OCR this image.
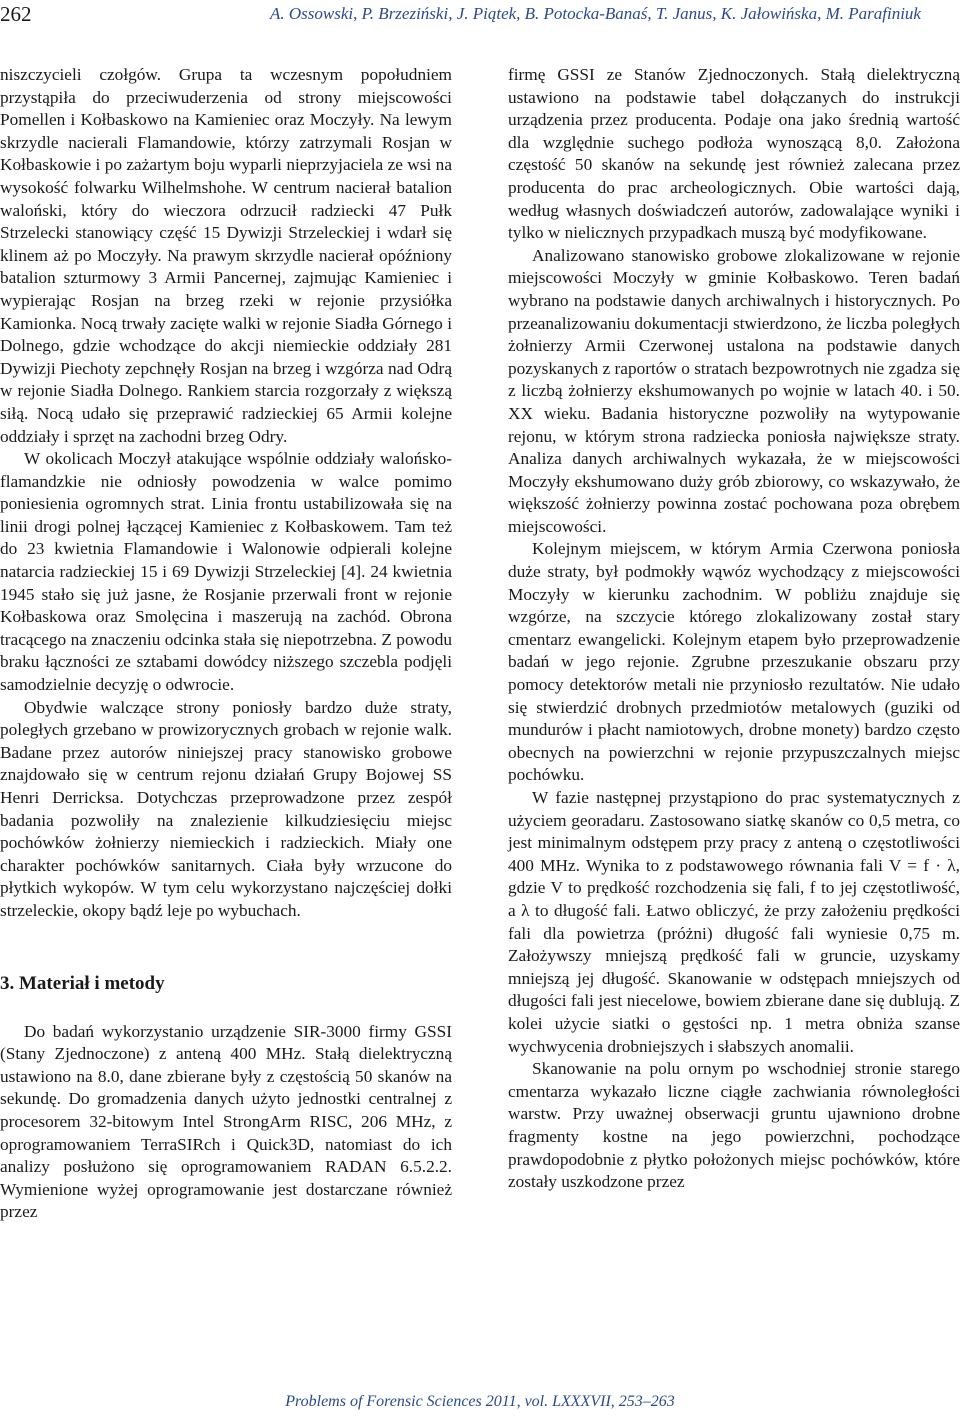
262	A. Ossowski, P. Brzeziński, J. Piątek, B. Potocka-Banaś, T. Janus, K. Jałowińska, M. Parafiniuk

niszczycieli czołgów. Grupa ta wczesnym popołudniem przystąpiła do przeciwuderzenia od strony miejscowości Pomellen i Kołbaskowo na Kamieniec oraz Moczyły. Na lewym skrzydle nacierali Flamandowie, którzy zatrzymali Rosjan w Kołbaskowie i po zażartym boju wyparli nieprzyjaciela ze wsi na wysokość folwarku Wilhelmshohe. W centrum nacierał batalion waloński, który do wieczora odrzucił radziecki 47 Pułk Strzelecki stanowiący część 15 Dywizji Strzeleckiej i wdarł się klinem aż po Moczyły. Na prawym skrzydle nacierał opóźniony batalion szturmowy 3 Armii Pancernej, zajmując Kamieniec i wypierając Rosjan na brzeg rzeki w rejonie przysiółka Kamionka. Nocą trwały zacięte walki w rejonie Siadła Górnego i Dolnego, gdzie wchodzące do akcji niemieckie oddziały 281 Dywizji Piechoty zepchnęły Rosjan na brzeg i wzgórza nad Odrą w rejonie Siadła Dolnego. Rankiem starcia rozgorzały z większą siłą. Nocą udało się przeprawić radzieckiej 65 Armii kolejne oddziały i sprzęt na zachodni brzeg Odry.

W okolicach Moczył atakujące wspólnie oddziały walońsko-flamandzkie nie odniosły powodzenia w walce pomimo poniesienia ogromnych strat. Linia frontu ustabilizowała się na linii drogi polnej łączącej Kamieniec z Kołbaskowem. Tam też do 23 kwietnia Flamandowie i Walonowie odpierali kolejne natarcia radzieckiej 15 i 69 Dywizji Strzeleckiej [4]. 24 kwietnia 1945 stało się już jasne, że Rosjanie przerwali front w rejonie Kołbaskowa oraz Smolęcina i maszerują na zachód. Obrona tracącego na znaczeniu odcinka stała się niepotrzebna. Z powodu braku łączności ze sztabami dowódcy niższego szczebla podjęli samodzielnie decyzję o odwrocie.

Obydwie walczące strony poniosły bardzo duże straty, poległych grzebano w prowizorycznych grobach w rejonie walk. Badane przez autorów niniejszej pracy stanowisko grobowe znajdowało się w centrum rejonu działań Grupy Bojowej SS Henri Derricksa. Dotychczas przeprowadzone przez zespół badania pozwoliły na znalezienie kilkudziesięciu miejsc pochówków żołnierzy niemieckich i radzieckich. Miały one charakter pochówków sanitarnych. Ciała były wrzucone do płytkich wykopów. W tym celu wykorzystano najczęściej dołki strzeleckie, okopy bądź leje po wybuchach.

3. Materiał i metody

Do badań wykorzystanio urządzenie SIR-3000 firmy GSSI (Stany Zjednoczone) z anteną 400 MHz. Stałą dielektryczną ustawiono na 8.0, dane zbierane były z częstością 50 skanów na sekundę. Do gromadzenia danych użyto jednostki centralnej z procesorem 32-bitowym Intel StrongArm RISC, 206 MHz, z oprogramowaniem TerraSIRch i Quick3D, natomiast do ich analizy posłużono się oprogramowaniem RADAN 6.5.2.2. Wymienione wyżej oprogramowanie jest dostarczane również przez

firmę GSSI ze Stanów Zjednoczonych. Stałą dielektryczną ustawiono na podstawie tabel dołączanych do instrukcji urządzenia przez producenta. Podaje ona jako średnią wartość dla względnie suchego podłoża wynoszącą 8,0. Założona częstość 50 skanów na sekundę jest również zalecana przez producenta do prac archeologicznych. Obie wartości dają, według własnych doświadczeń autorów, zadowalające wyniki i tylko w nielicznych przypadkach muszą być modyfikowane.

Analizowano stanowisko grobowe zlokalizowane w rejonie miejscowości Moczyły w gminie Kołbaskowo. Teren badań wybrano na podstawie danych archiwalnych i historycznych. Po przeanalizowaniu dokumentacji stwierdzono, że liczba poległych żołnierzy Armii Czerwonej ustalona na podstawie danych pozyskanych z raportów o stratach bezpowrotnych nie zgadza się z liczbą żołnierzy ekshumowanych po wojnie w latach 40. i 50. XX wieku. Badania historyczne pozwoliły na wytypowanie rejonu, w którym strona radziecka poniosła największe straty. Analiza danych archiwalnych wykazała, że w miejscowości Moczyły ekshumowano duży grób zbiorowy, co wskazywało, że większość żołnierzy powinna zostać pochowana poza obrębem miejscowości.

Kolejnym miejscem, w którym Armia Czerwona poniosła duże straty, był podmokły wąwóz wychodzący z miejscowości Moczyły w kierunku zachodnim. W pobliżu znajduje się wzgórze, na szczycie którego zlokalizowany został stary cmentarz ewangelicki. Kolejnym etapem było przeprowadzenie badań w jego rejonie. Zgrubne przeszukanie obszaru przy pomocy detektorów metali nie przyniosło rezultatów. Nie udało się stwierdzić drobnych przedmiotów metalowych (guziki od mundurów i płacht namiotowych, drobne monety) bardzo często obecnych na powierzchni w rejonie przypuszczalnych miejsc pochówku.

W fazie następnej przystąpiono do prac systematycznych z użyciem georadaru. Zastosowano siatkę skanów co 0,5 metra, co jest minimalnym odstępem przy pracy z anteną o częstotliwości 400 MHz. Wynika to z podstawowego równania fali V = f · λ, gdzie V to prędkość rozchodzenia się fali, f to jej częstotliwość, a λ to długość fali. Łatwo obliczyć, że przy założeniu prędkości fali dla powietrza (próżni) długość fali wyniesie 0,75 m. Założywszy mniejszą prędkość fali w gruncie, uzyskamy mniejszą jej długość. Skanowanie w odstępach mniejszych od długości fali jest niecelowe, bowiem zbierane dane się dublują. Z kolei użycie siatki o gęstości np. 1 metra obniża szanse wychwycenia drobniejszych i słabszych anomalii.

Skanowanie na polu ornym po wschodniej stronie starego cmentarza wykazało liczne ciągłe zachwiania równoległości warstw. Przy uważnej obserwacji gruntu ujawniono drobne fragmenty kostne na jego powierzchni, pochodzące prawdopodobnie z płytko położonych miejsc pochówków, które zostały uszkodzone przez

Problems of Forensic Sciences 2011, vol. LXXXVII, 253–263
